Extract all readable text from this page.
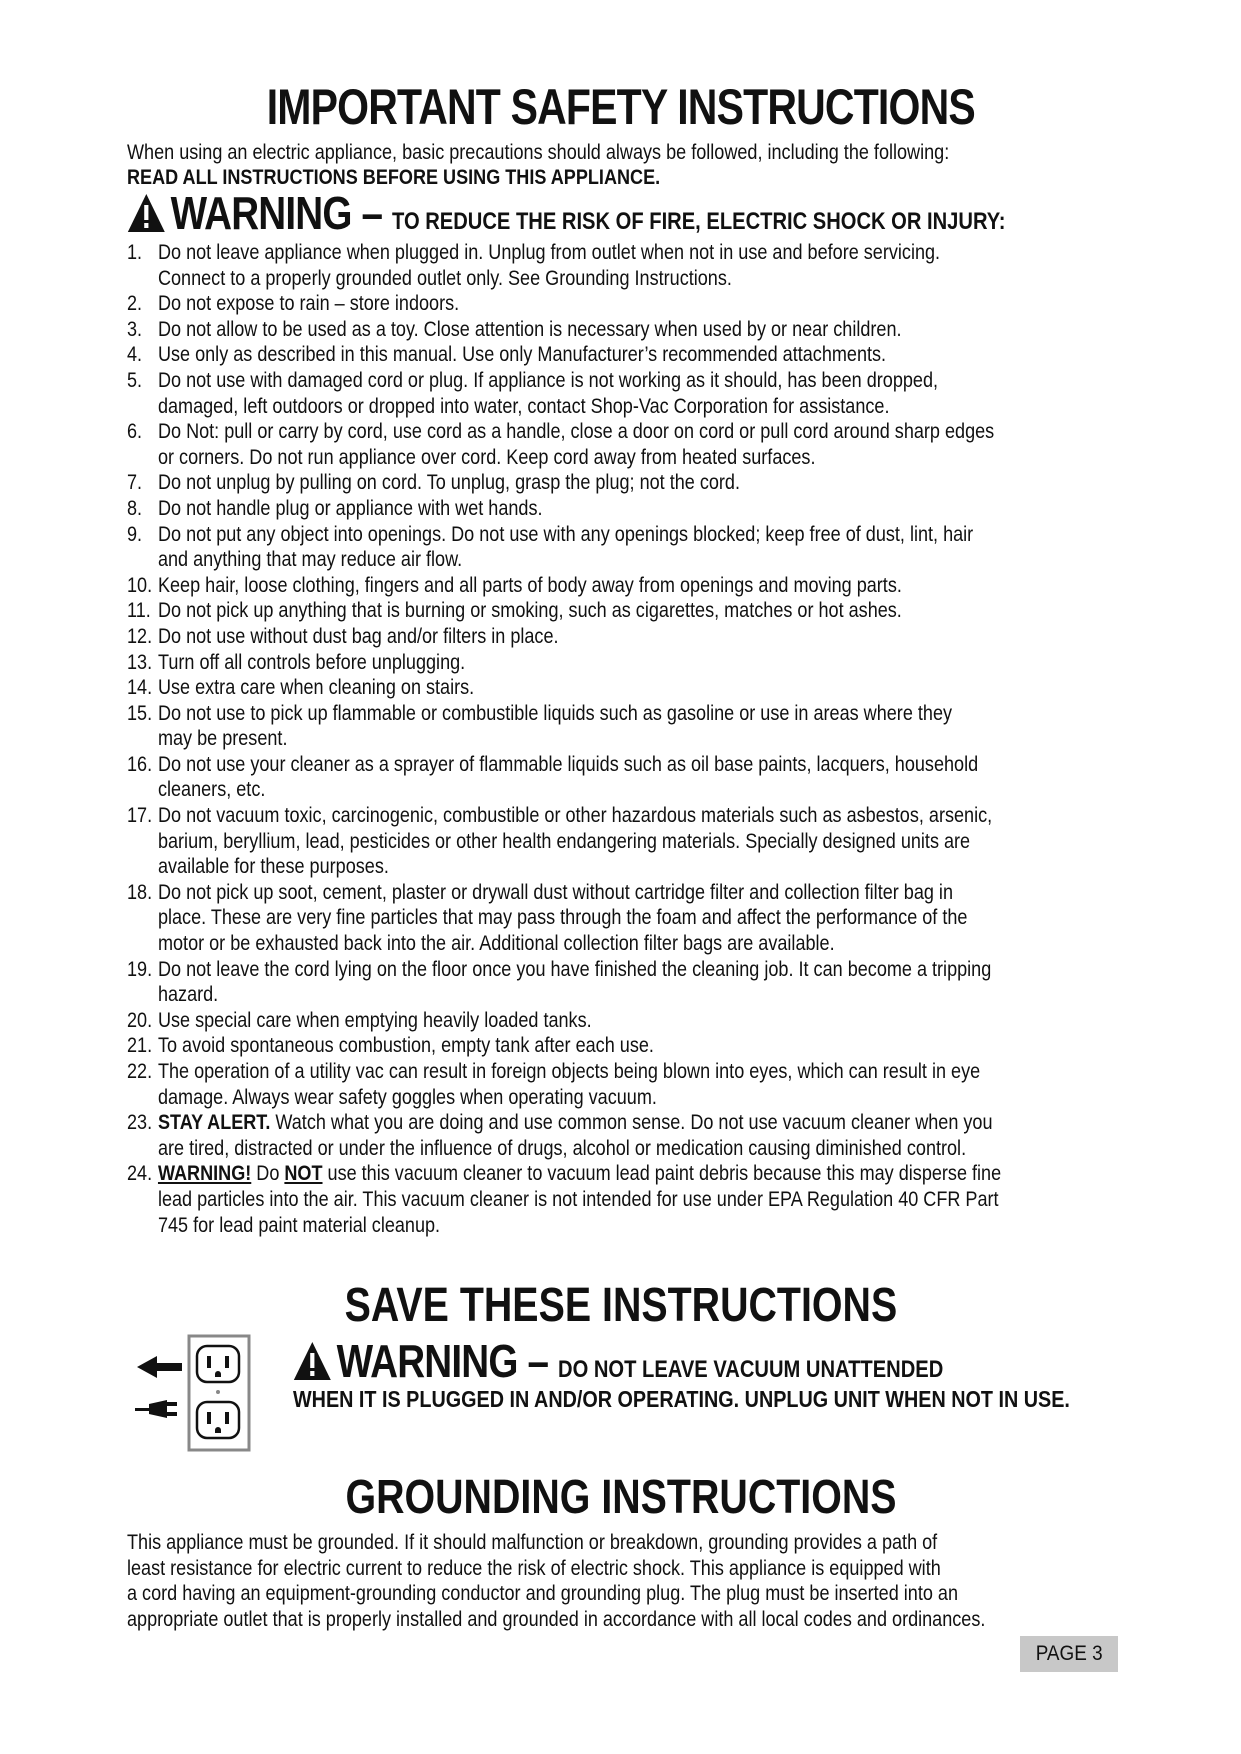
IMPORTANT SAFETY INSTRUCTIONS
When using an electric appliance, basic precautions should always be followed, including the following:
READ ALL INSTRUCTIONS BEFORE USING THIS APPLIANCE.
WARNING – TO REDUCE THE RISK OF FIRE, ELECTRIC SHOCK OR INJURY:
1. Do not leave appliance when plugged in. Unplug from outlet when not in use and before servicing.
Connect to a properly grounded outlet only. See Grounding Instructions.
2. Do not expose to rain – store indoors.
3. Do not allow to be used as a toy. Close attention is necessary when used by or near children.
4. Use only as described in this manual. Use only Manufacturer’s recommended attachments.
5. Do not use with damaged cord or plug. If appliance is not working as it should, has been dropped,
damaged, left outdoors or dropped into water, contact Shop-Vac Corporation for assistance.
6. Do Not: pull or carry by cord, use cord as a handle, close a door on cord or pull cord around sharp edges
or corners. Do not run appliance over cord. Keep cord away from heated surfaces.
7. Do not unplug by pulling on cord. To unplug, grasp the plug; not the cord.
8. Do not handle plug or appliance with wet hands.
9. Do not put any object into openings. Do not use with any openings blocked; keep free of dust, lint, hair
and anything that may reduce air flow.
10. Keep hair, loose clothing, fingers and all parts of body away from openings and moving parts.
11. Do not pick up anything that is burning or smoking, such as cigarettes, matches or hot ashes.
12. Do not use without dust bag and/or filters in place.
13. Turn off all controls before unplugging.
14. Use extra care when cleaning on stairs.
15. Do not use to pick up flammable or combustible liquids such as gasoline or use in areas where they
may be present.
16. Do not use your cleaner as a sprayer of flammable liquids such as oil base paints, lacquers, household
cleaners, etc.
17. Do not vacuum toxic, carcinogenic, combustible or other hazardous materials such as asbestos, arsenic,
barium, beryllium, lead, pesticides or other health endangering materials. Specially designed units are
available for these purposes.
18. Do not pick up soot, cement, plaster or drywall dust without cartridge filter and collection filter bag in
place. These are very fine particles that may pass through the foam and affect the performance of the
motor or be exhausted back into the air. Additional collection filter bags are available.
19. Do not leave the cord lying on the floor once you have finished the cleaning job. It can become a tripping
hazard.
20. Use special care when emptying heavily loaded tanks.
21. To avoid spontaneous combustion, empty tank after each use.
22. The operation of a utility vac can result in foreign objects being blown into eyes, which can result in eye
damage. Always wear safety goggles when operating vacuum.
23. STAY ALERT. Watch what you are doing and use common sense. Do not use vacuum cleaner when you
are tired, distracted or under the influence of drugs, alcohol or medication causing diminished control.
24. WARNING! Do NOT use this vacuum cleaner to vacuum lead paint debris because this may disperse fine
lead particles into the air. This vacuum cleaner is not intended for use under EPA Regulation 40 CFR Part
745 for lead paint material cleanup.
SAVE THESE INSTRUCTIONS
WARNING – DO NOT LEAVE VACUUM UNATTENDED
WHEN IT IS PLUGGED IN AND/OR OPERATING. UNPLUG UNIT WHEN NOT IN USE.
GROUNDING INSTRUCTIONS
This appliance must be grounded. If it should malfunction or breakdown, grounding provides a path of
least resistance for electric current to reduce the risk of electric shock. This appliance is equipped with
a cord having an equipment-grounding conductor and grounding plug. The plug must be inserted into an
appropriate outlet that is properly installed and grounded in accordance with all local codes and ordinances.
PAGE 3
